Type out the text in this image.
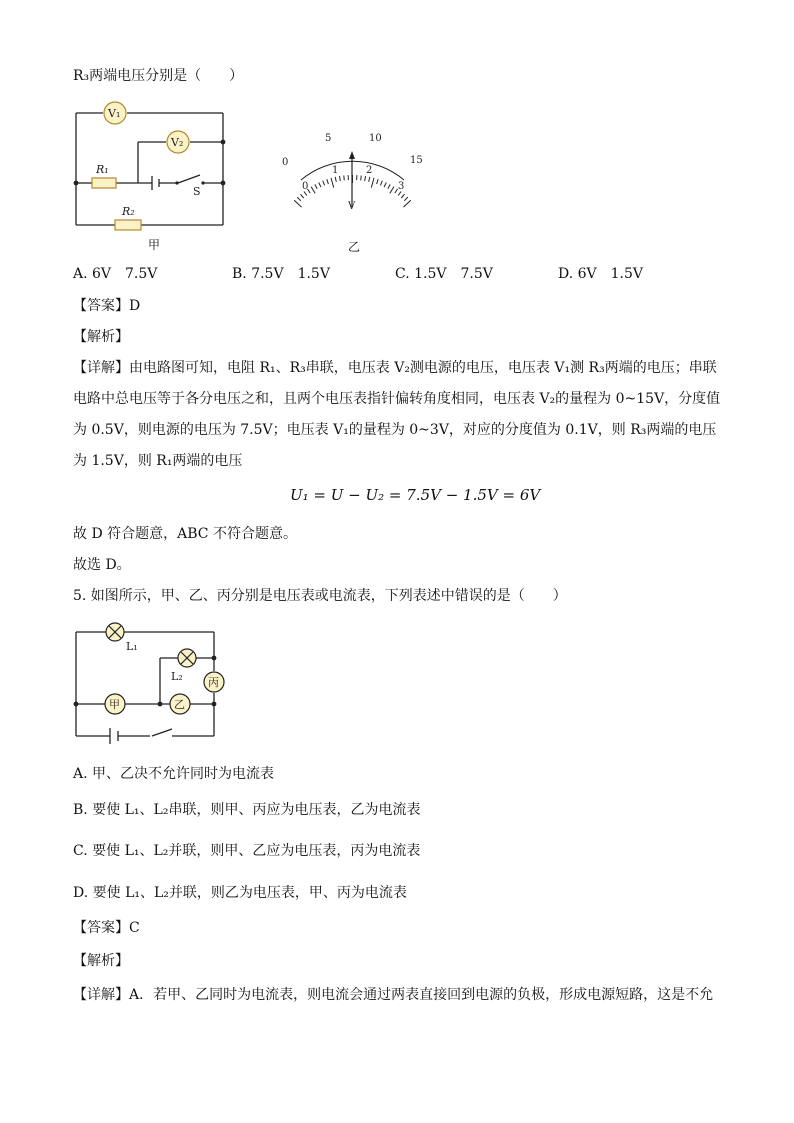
R₃两端电压分别是（　　）
V₁
V₂
R₁
R₂
S
甲
0
5	10
15
0
1	2
3
V
乙
A. 6V　7.5V	B. 7.5V　1.5V	C. 1.5V　7.5V	D. 6V　1.5V
【答案】D
【解析】
【详解】由电路图可知，电阻 R₁、R₃串联，电压表 V₂测电源的电压，电压表 V₁测 R₃两端的电压；串联电路中总电压等于各分电压之和，且两个电压表指针偏转角度相同，电压表 V₂的量程为 0~15V，分度值为 0.5V，则电源的电压为 7.5V；电压表 V₁的量程为 0~3V，对应的分度值为 0.1V，则 R₃两端的电压为 1.5V，则 R₁两端的电压
U₁ = U − U₂ = 7.5V − 1.5V = 6V
故 D 符合题意，ABC 不符合题意。
故选 D。
5. 如图所示，甲、乙、丙分别是电压表或电流表，下列表述中错误的是（　　）
L₁
L₂
甲	乙
丙
A. 甲、乙决不允许同时为电流表
B. 要使 L₁、L₂串联，则甲、丙应为电压表，乙为电流表
C. 要使 L₁、L₂并联，则甲、乙应为电压表，丙为电流表
D. 要使 L₁、L₂并联，则乙为电压表，甲、丙为电流表
【答案】C
【解析】
【详解】A．若甲、乙同时为电流表，则电流会通过两表直接回到电源的负极，形成电源短路，这是不允
